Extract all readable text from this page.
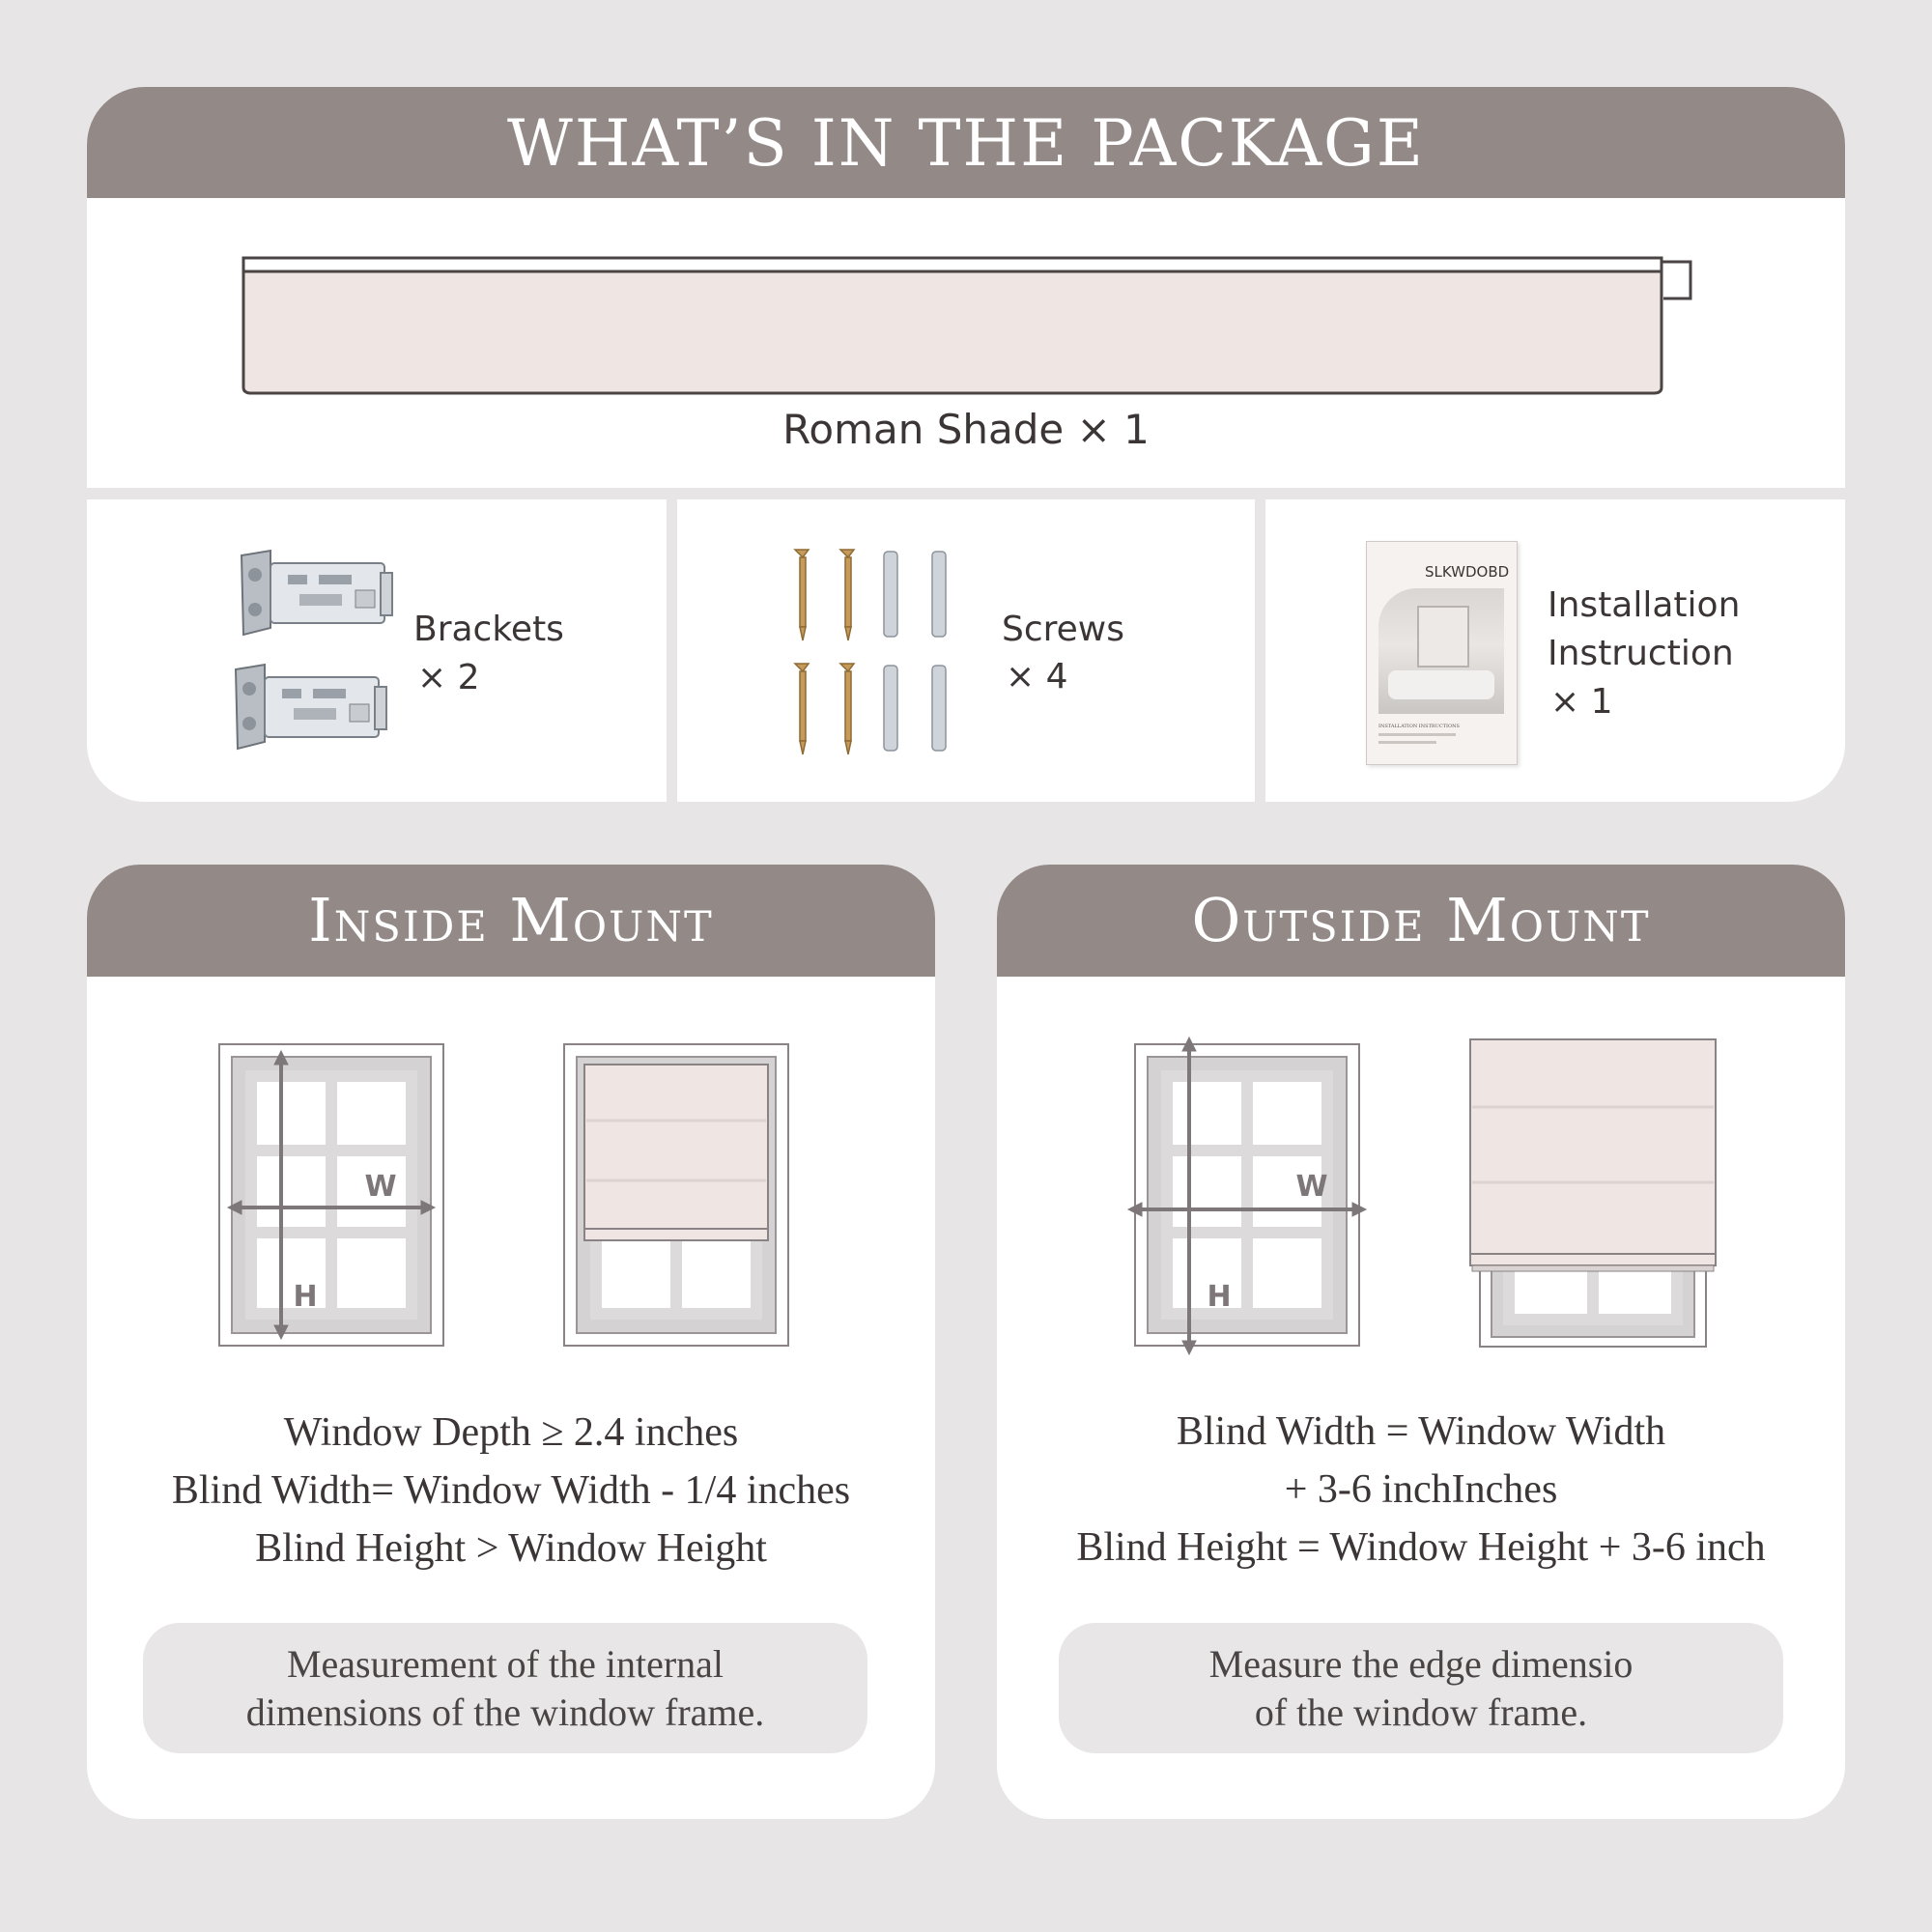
WHAT’S IN THE PACKAGE
Roman Shade × 1
Brackets
× 2
Screws
× 4
SLKWDOBD
INSTALLATION INSTRUCTIONS
Installation
Instruction
× 1
Inside Mount
W
H
Window Depth ≥ 2.4 inches
Blind Width= Window Width - 1/4 inches
Blind Height > Window Height
Measurement of the internal
dimensions of the window frame.
Outside Mount
W
H
Blind Width = Window Width
+ 3-6 inchInches
Blind Height = Window Height + 3-6 inch
Measure the edge dimensio
of the window frame.
